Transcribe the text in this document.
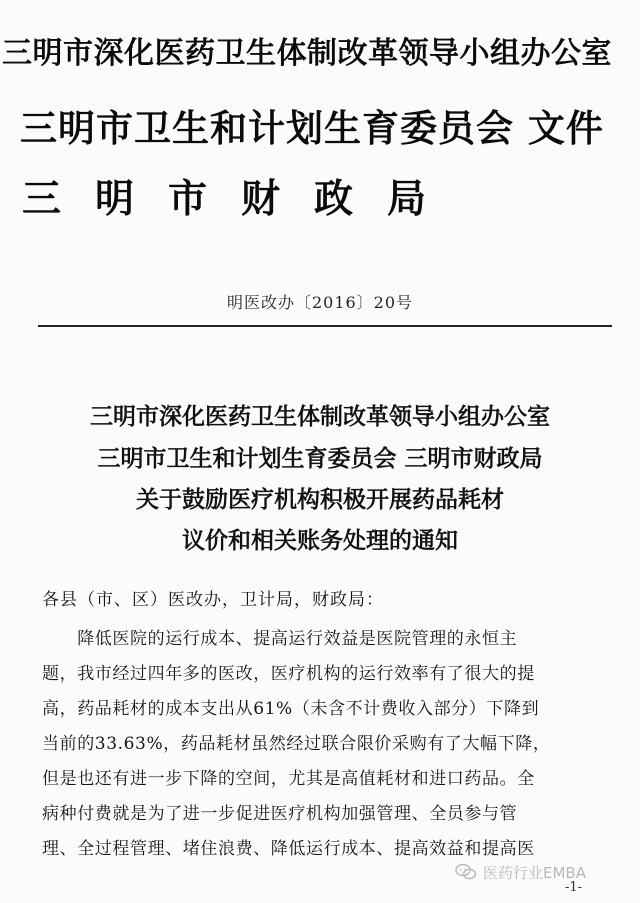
三明市深化医药卫生体制改革领导小组办公室
三明市卫生和计划生育委员会 文件
三明市财政局
明医改办〔2016〕20号
三明市深化医药卫生体制改革领导小组办公室
三明市卫生和计划生育委员会 三明市财政局
关于鼓励医疗机构积极开展药品耗材
议价和相关账务处理的通知
各县（市、区）医改办，卫计局，财政局：
　　降低医院的运行成本、提高运行效益是医院管理的永恒主
题，我市经过四年多的医改，医疗机构的运行效率有了很大的提
高，药品耗材的成本支出从61%（未含不计费收入部分）下降到
当前的33.63%，药品耗材虽然经过联合限价采购有了大幅下降，
但是也还有进一步下降的空间，尤其是高值耗材和进口药品。全
病种付费就是为了进一步促进医疗机构加强管理、全员参与管
理、全过程管理、堵住浪费、降低运行成本、提高效益和提高医
医药行业EMBA
-1-
